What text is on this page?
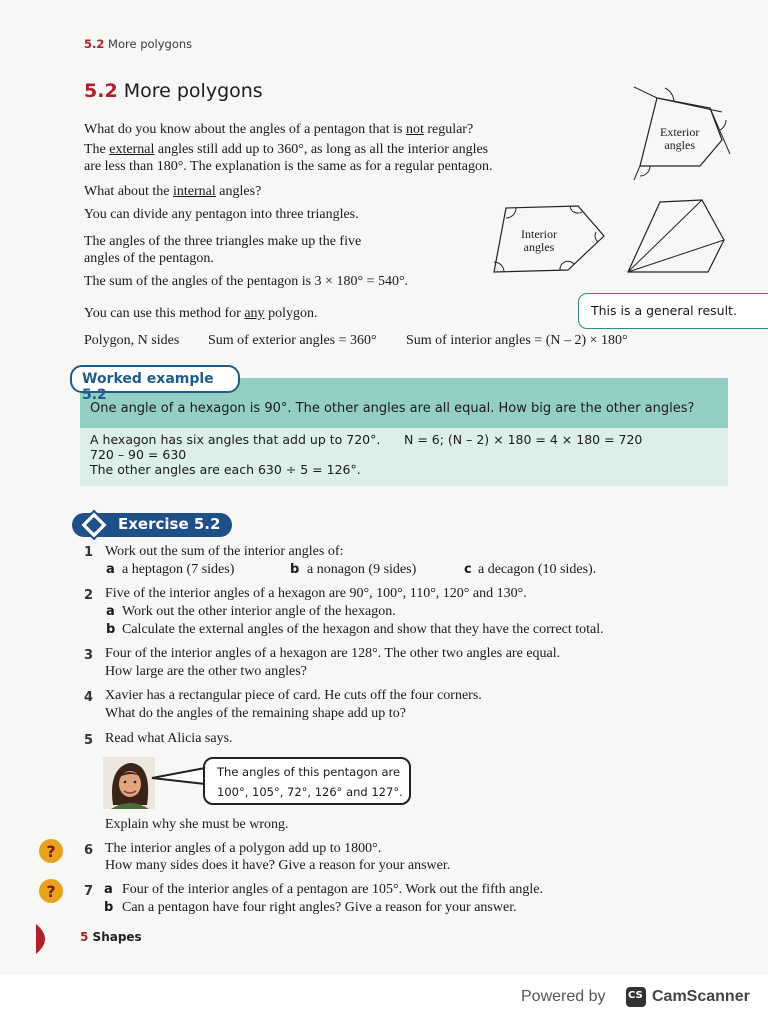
5.2 More polygons
5.2 More polygons
What do you know about the angles of a pentagon that is not regular?
The external angles still add up to 360°, as long as all the interior angles
are less than 180°. The explanation is the same as for a regular pentagon.
What about the internal angles?
You can divide any pentagon into three triangles.
The angles of the three triangles make up the five
angles of the pentagon.
The sum of the angles of the pentagon is 3 × 180° = 540°.
You can use this method for any polygon.
Polygon, N sides Sum of exterior angles = 360° Sum of interior angles = (N – 2) × 180°
Exterior
angles
Interior
angles
This is a general result.
Worked example 5.2
One angle of a hexagon is 90°. The other angles are all equal. How big are the other angles?
A hexagon has six angles that add up to 720°. N = 6; (N – 2) × 180 = 4 × 180 = 720
720 – 90 = 630
The other angles are each 630 ÷ 5 = 126°.
Exercise 5.2
1 Work out the sum of the interior angles of:
a a heptagon (7 sides)	b a nonagon (9 sides)	c a decagon (10 sides).
2 Five of the interior angles of a hexagon are 90°, 100°, 110°, 120° and 130°.
a Work out the other interior angle of the hexagon.
b Calculate the external angles of the hexagon and show that they have the correct total.
3 Four of the interior angles of a hexagon are 128°. The other two angles are equal.
How large are the other two angles?
4 Xavier has a rectangular piece of card. He cuts off the four corners.
What do the angles of the remaining shape add up to?
5 Read what Alicia says.
The angles of this pentagon are
100°, 105°, 72°, 126° and 127°.
Explain why she must be wrong.
? 6 The interior angles of a polygon add up to 1800°.
How many sides does it have? Give a reason for your answer.
? 7 a Four of the interior angles of a pentagon are 105°. Work out the fifth angle.
b Can a pentagon have four right angles? Give a reason for your answer.
5 Shapes
Powered by CS CamScanner
